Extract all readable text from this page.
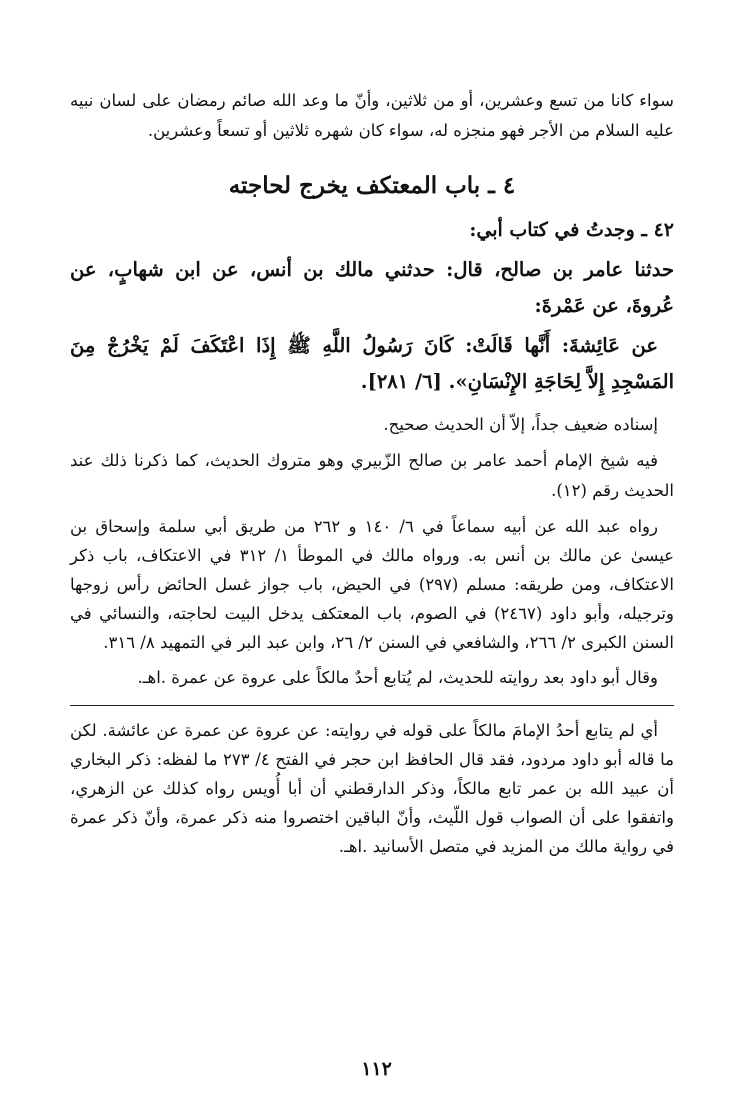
سواء كانا من تسع وعشرين، أو من ثلاثين، وأنّ ما وعد الله صائم رمضان على لسان نبيه عليه السلام من الأجر فهو منجزه له، سواء كان شهره ثلاثين أو تسعاً وعشرين.

٤ ـ باب المعتكف يخرج لحاجته

٤٢ ـ وجدتُ في كتاب أبي:

حدثنا عامر بن صالح، قال: حدثني مالك بن أنس، عن ابن شهابٍ، عن عُروةَ، عن عَمْرةَ:

عن عَائِشةَ: أَنَّها قَالَتْ: كَانَ رَسُولُ اللَّهِ ﷺ إِذَا اعْتَكَفَ لَمْ يَخْرُجْ مِنَ المَسْجِدِ إِلاَّ لِحَاجَةِ الإِنْسَانِ». [٦/ ٢٨١].

إسناده ضعيف جداً، إلاّ أن الحديث صحيح.

فيه شيخ الإمام أحمد عامر بن صالح الزّبيري وهو متروك الحديث، كما ذكرنا ذلك عند الحديث رقم (١٢).

رواه عبد الله عن أبيه سماعاً في ٦/ ١٤٠ و ٢٦٢ من طريق أبي سلمة وإسحاق بن عيسىٰ عن مالك بن أنس به. ورواه مالك في الموطأ ١/ ٣١٢ في الاعتكاف، باب ذكر الاعتكاف، ومن طريقه: مسلم (٢٩٧) في الحيض، باب جواز غسل الحائض رأس زوجها وترجيله، وأبو داود (٢٤٦٧) في الصوم، باب المعتكف يدخل البيت لحاجته، والنسائي في السنن الكبرى ٢/ ٢٦٦، والشافعي في السنن ٢/ ٢٦، وابن عبد البر في التمهيد ٨/ ٣١٦.

وقال أبو داود بعد روايته للحديث، لم يُتابع أحدٌ مالكاً على عروة عن عمرة .اهـ.

أي لم يتابع أحدُ الإمامَ مالكاً على قوله في روايته: عن عروة عن عمرة عن عائشة. لكن ما قاله أبو داود مردود، فقد قال الحافظ ابن حجر في الفتح ٤/ ٢٧٣ ما لفظه: ذكر البخاري أن عبيد الله بن عمر تابع مالكاً، وذكر الدارقطني أن أبا أُويس رواه كذلك عن الزهري، واتفقوا على أن الصواب قول اللّيث، وأنّ الباقين اختصروا منه ذكر عمرة، وأنّ ذكر عمرة في رواية مالك من المزيد في متصل الأسانيد .اهـ.

١١٢
